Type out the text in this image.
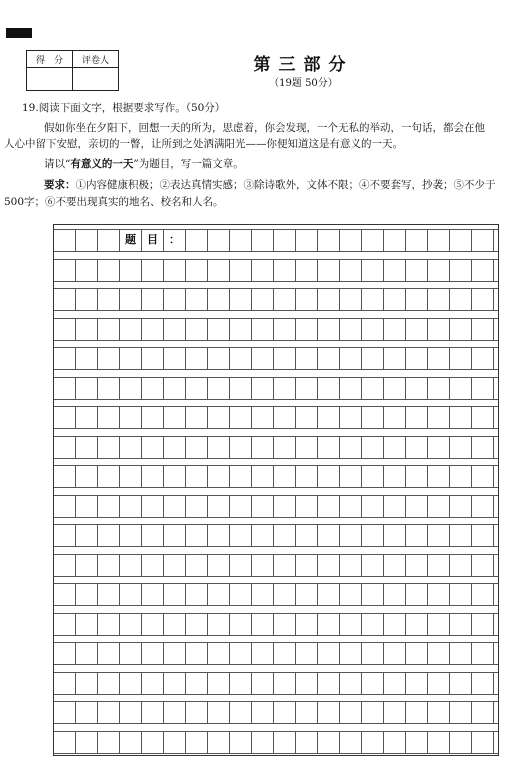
得　分	评卷人
		第三部分
（19题 50分）
19.阅读下面文字，根据要求写作。（50分）
假如你坐在夕阳下，回想一天的所为，思虑着，你会发现，一个无私的举动，一句话，都会在他
人心中留下安慰，亲切的一瞥，让所到之处洒满阳光——你便知道这是有意义的一天。
请以“有意义的一天”为题目，写一篇文章。
要求：①内容健康积极；②表达真情实感；③除诗歌外，文体不限；④不要套写，抄袭；⑤不少于
500字；⑥不要出现真实的地名、校名和人名。
题	目	：
